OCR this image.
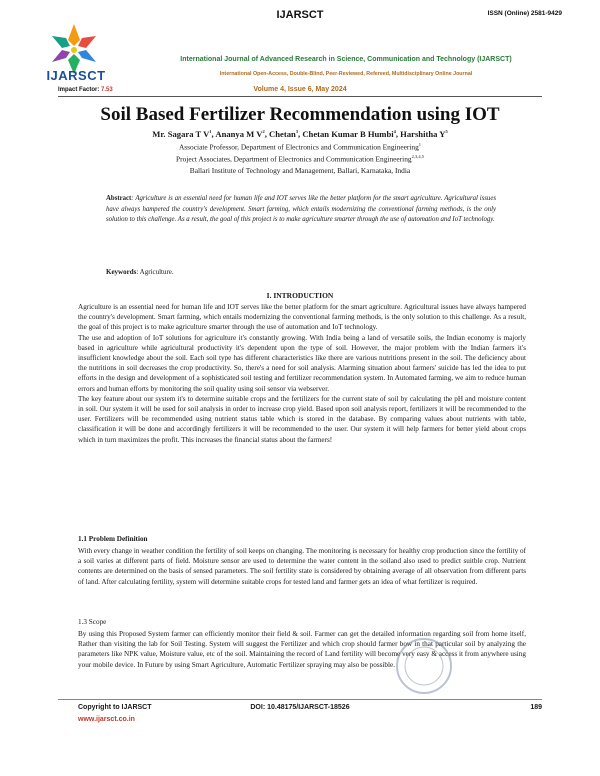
IJARSCT
IJARSCT	ISSN (Online) 2581-9429
International Journal of Advanced Research in Science, Communication and Technology (IJARSCT)
International Open-Access, Double-Blind, Peer-Reviewed, Refereed, Multidisciplinary Online Journal
Impact Factor: 7.53	Volume 4, Issue 6, May 2024
Soil Based Fertilizer Recommendation using IOT
Mr. Sagara T $V^1$, Ananya M $V^2$, Chetan$^3$, Chetan Kumar B Humbi$^4$, Harshitha $Y^5$
Associate Professor, Department of Electronics and Communication Engineering$^1$
Project Associates, Department of Electronics and Communication Engineering$^{2,3,4,5}$
Ballari Institute of Technology and Management, Ballari, Karnataka, India
Abstract: Agriculture is an essential need for human life and IOT serves like the better platform for the smart agriculture. Agricultural issues have always hampered the country's development. Smart farming, which entails modernizing the conventional farming methods, is the only solution to this challenge. As a result, the goal of this project is to make agriculture smarter through the use of automation and IoT technology.
Keywords: Agriculture.
I. INTRODUCTION

Agriculture is an essential need for human life and IOT serves like the better platform for the smart agriculture. Agricultural issues have always hampered the country's development. Smart farming, which entails modernizing the conventional farming methods, is the only solution to this challenge. As a result, the goal of this project is to make agriculture smarter through the use of automation and IoT technology.

The use and adoption of IoT solutions for agriculture it's constantly growing. With India being a land of versatile soils, the Indian economy is majorly based in agriculture while agricultural productivity it's dependent upon the type of soil. However, the major problem with the Indian farmers it's insufficient knowledge about the soil. Each soil type has different characteristics like there are various nutritions present in the soil. The deficiency about the nutritions in soil decreases the crop productivity. So, there's a need for soil analysis. Alarming situation about farmers' suicide has led the idea to put efforts in the design and development of a sophisticated soil testing and fertilizer recommendation system. In Automated farming, we aim to reduce human errors and human efforts by monitoring the soil quality using soil sensor via webserver.

The key feature about our system it's to determine suitable crops and the fertilizers for the current state of soil by calculating the pH and moisture content in soil. Our system it will be used for soil analysis in order to increase crop yield. Based upon soil analysis report, fertilizers it will be recommended to the user. Fertilizers will be recommended using nutrient status table which is stored in the database. By comparing values about nutrients with table, classification it will be done and accordingly fertilizers it will be recommended to the user. Our system it will help farmers for better yield about crops which in turn maximizes the profit. This increases the financial status about the farmers!

1.1 Problem Definition

With every change in weather condition the fertility of soil keeps on changing. The monitoring is necessary for healthy crop production since the fertility of a soil varies at different parts of field. Moisture sensor are used to determine the water content in the soiland also used to predict suitble crop. Nutrient contents are determined on the basis of sensed parameters. The soil fertility state is considered by obtaining average of all observation from different parts of land. After calculating fertility, system will determine suitable crops for tested land and farmer gets an idea of what fertilizer is required.

1.3 Scope

By using this Proposed System farmer can efficiently monitor their field & soil. Farmer can get the detailed information regarding soil from home itself, Rather than visiting the lab for Soil Testing. System will suggest the Fertilizer and which crop should farmer bow in that particular soil by analyzing the parameters like NPK value, Moisture value, etc of the soil. Maintaining the record of Land fertility will become very easy & access it from anywhere using your mobile device. In Future by using Smart Agriculture, Automatic Fertilizer spraying may also be possible.

Copyright to IJARSCT
www.ijarsct.co.in
DOI: 10.48175/IJARSCT-18526	189
